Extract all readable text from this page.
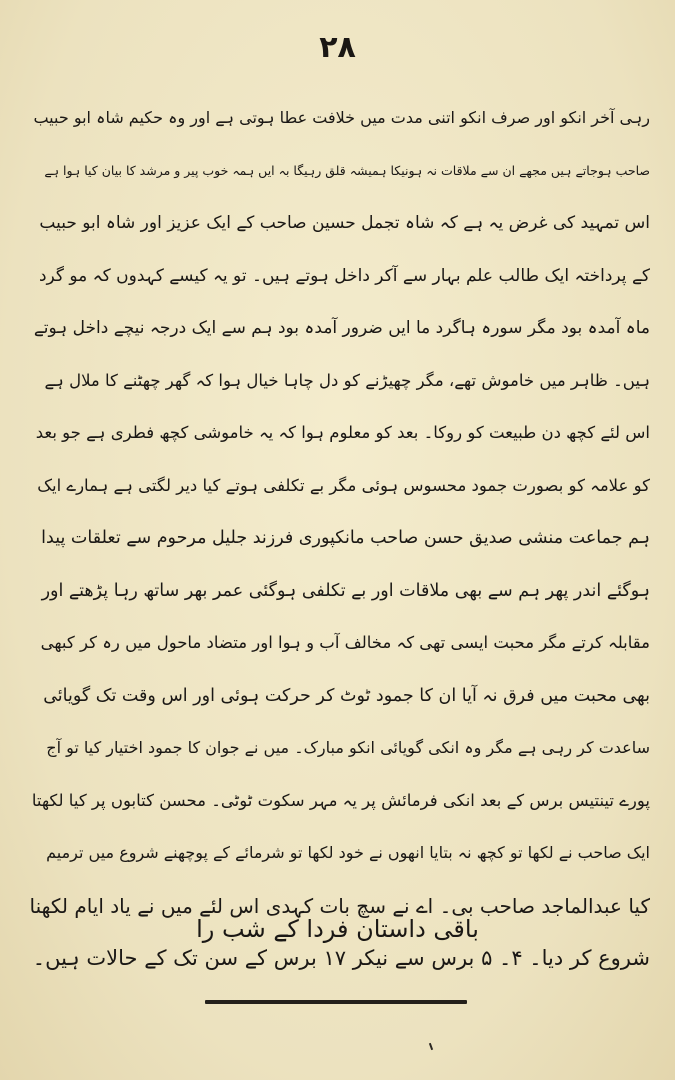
۲۸
رہی آخر انکو اور صرف انکو اتنی مدت میں خلافت عطا ہوتی ہے اور وہ حکیم شاہ ابو حبیب
صاحب ہوجاتے ہیں مجھے ان سے ملاقات نہ ہونیکا ہمیشہ قلق رہیگا بہ ایں ہمہ خوب پیر و مرشد کا بیان کیا ہوا ہے
اس تمہید کی غرض یہ ہے کہ شاہ تجمل حسین صاحب کے ایک عزیز اور شاہ ابو حبیب
کے پرداختہ ایک طالب علم بہار سے آکر داخل ہوتے ہیں۔ تو یہ کیسے کہدوں کہ مو گرد
ماہ آمدہ بود مگر سورہ ہاگرد ما ایں ضرور آمدہ بود ہم سے ایک درجہ نیچے داخل ہوتے
ہیں۔ ظاہر میں خاموش تھے، مگر چھیڑنے کو دل چاہا خیال ہوا کہ گھر چھٹنے کا ملال ہے
اس لئے کچھ دن طبیعت کو روکا۔ بعد کو معلوم ہوا کہ یہ خاموشی کچھ فطری ہے جو بعد
کو علامہ کو بصورت جمود محسوس ہوئی مگر بے تکلفی ہوتے کیا دیر لگتی ہے ہمارے ایک
ہم جماعت منشی صدیق حسن صاحب مانکپوری فرزند جلیل مرحوم سے تعلقات پیدا
ہوگئے اندر پھر ہم سے بھی ملاقات اور بے تکلفی ہوگئی عمر بھر ساتھ رہا پڑھتے اور
مقابلہ کرتے مگر محبت ایسی تھی کہ مخالف آب و ہوا اور متضاد ماحول میں رہ کر کبھی
بھی محبت میں فرق نہ آیا ان کا جمود ٹوٹ کر حرکت ہوئی اور اس وقت تک گویائی
ساعدت کر رہی ہے مگر وہ انکی گویائی انکو مبارک۔ میں نے جوان کا جمود اختیار کیا تو آج
پورے تینتیس برس کے بعد انکی فرمائش پر یہ مہر سکوت ٹوٹی۔ محسن کتابوں پر کیا لکھتا
ایک صاحب نے لکھا تو کچھ نہ بتایا انھوں نے خود لکھا تو شرمائے کے پوچھنے شروع میں ترمیم
کیا عبدالماجد صاحب بی۔ اے نے سچ بات کہدی اس لئے میں نے یاد ایام لکھنا
شروع کر دیا۔ ۴۔ ۵ برس سے نیکر ۱۷ برس کے سن تک کے حالات ہیں۔
باقی داستان فردا کے شب را
